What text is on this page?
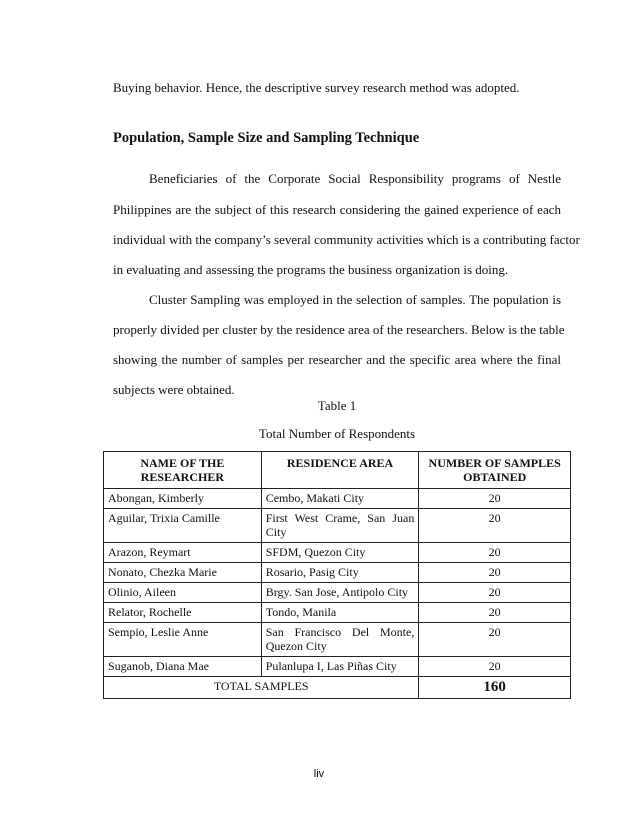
Buying behavior. Hence, the descriptive survey research method was adopted.
Population, Sample Size and Sampling Technique
Beneficiaries of the Corporate Social Responsibility programs of Nestle
Philippines are the subject of this research considering the gained experience of each
individual with the company’s several community activities which is a contributing factor
in evaluating and assessing the programs the business organization is doing.
Cluster Sampling was employed in the selection of samples. The population is
properly divided per cluster by the residence area of the researchers. Below is the table
showing the number of samples per researcher and the specific area where the final
subjects were obtained.
Table 1
Total Number of Respondents
NAME OF THE RESEARCHER	RESIDENCE AREA	NUMBER OF SAMPLES OBTAINED
Abongan, Kimberly	Cembo, Makati City	20
Aguilar, Trixia Camille	First West Crame, San Juan City	20
Arazon, Reymart	SFDM, Quezon City	20
Nonato, Chezka Marie	Rosario, Pasig City	20
Olinio, Aileen	Brgy. San Jose, Antipolo City	20
Relator, Rochelle	Tondo, Manila	20
Sempio, Leslie Anne	San Francisco Del Monte, Quezon City	20
Suganob, Diana Mae	Pulanlupa I, Las Piñas City	20
TOTAL SAMPLES		160
liv
